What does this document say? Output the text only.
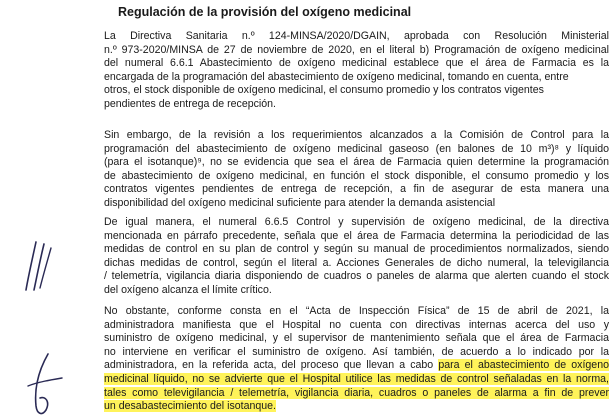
Regulación de la provisión del oxígeno medicinal
La Directiva Sanitaria n.º 124-MINSA/2020/DGAIN, aprobada con Resolución Ministerial
n.º 973-2020/MINSA de 27 de noviembre de 2020, en el literal b) Programación de oxígeno medicinal
del numeral 6.6.1 Abastecimiento de oxígeno medicinal establece que el área de Farmacia es la
encargada de la programación del abastecimiento de oxígeno medicinal, tomando en cuenta, entre
otros, el stock disponible de oxígeno medicinal, el consumo promedio y los contratos vigentes
pendientes de entrega de recepción.
Sin embargo, de la revisión a los requerimientos alcanzados a la Comisión de Control para la
programación del abastecimiento de oxígeno medicinal gaseoso (en balones de 10 m³)⁸ y líquido
(para el isotanque)⁹, no se evidencia que sea el área de Farmacia quien determine la programación
de abastecimiento de oxígeno medicinal, en función el stock disponible, el consumo promedio y los
contratos vigentes pendientes de entrega de recepción, a fin de asegurar de esta manera una
disponibilidad del oxígeno medicinal suficiente para atender la demanda asistencial
De igual manera, el numeral 6.6.5 Control y supervisión de oxígeno medicinal, de la directiva
mencionada en párrafo precedente, señala que el área de Farmacia determina la periodicidad de las
medidas de control en su plan de control y según su manual de procedimientos normalizados, siendo
dichas medidas de control, según el literal a. Acciones Generales de dicho numeral, la televigilancia
/ telemetría, vigilancia diaria disponiendo de cuadros o paneles de alarma que alerten cuando el stock
del oxígeno alcanza el límite crítico.
No obstante, conforme consta en el “Acta de Inspección Física” de 15 de abril de 2021, la
administradora manifiesta que el Hospital no cuenta con directivas internas acerca del uso y
suministro de oxígeno medicinal, y el supervisor de mantenimiento señala que el área de Farmacia
no interviene en verificar el suministro de oxígeno. Así también, de acuerdo a lo indicado por la
administradora, en la referida acta, del proceso que llevan a cabo para el abastecimiento de oxígeno
medicinal líquido, no se advierte que el Hospital utilice las medidas de control señaladas en la norma,
tales como televigilancia / telemetría, vigilancia diaria, cuadros o paneles de alarma a fin de prever
un desabastecimiento del isotanque.
